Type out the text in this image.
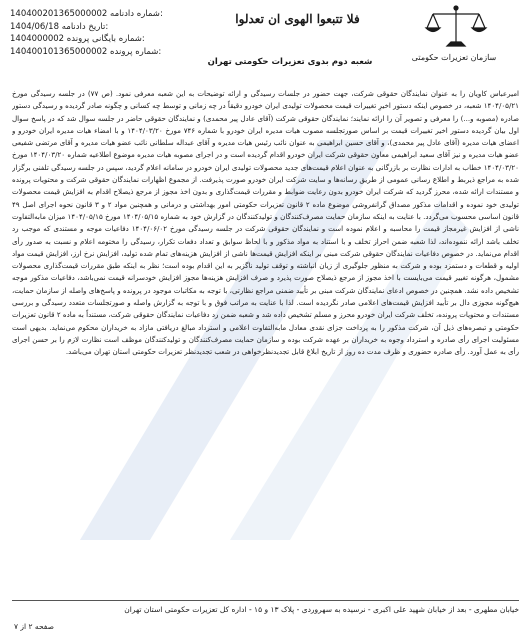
140400201365000002 شماره دادنامه:
1404/06/18 تاریخ دادنامه:
1404000002 شماره بایگانی پرونده:
140400101365000002 شماره پرونده:
فلا تتبعوا الهوی ان تعدلوا
شعبه دوم بدوی تعزیرات حکومتی تهران	سازمان تعزیرات حکومتی

امیرعباس کاویان را به عنوان نمایندگان حقوقی شرکت، جهت حضور در جلسات رسیدگی و ارائه توضیحات به این شعبه معرفی نمود. (ص ۷۷) در جلسه رسیدگی مورخ ۱۴۰۴/۰۵/۲۱ شعبه، در خصوص اینکه دستور اخیرِ تغییرات قیمت محصولات تولیدی ایران خودرو دقیقاً در چه زمانی و توسط چه کسانی و چگونه صادر گردیده و رسیدگی دستور صادره (مصوبه و...) را معرفی و تصویر آن را ارائه نمایند؛ نمایندگان حقوقی شرکت (آقای عادل پیر محمدی) و نمایندگان حقوقی حاضر در جلسه سوال شد که در پاسخ سوال اول بیان گردیده دستور اخیر تغییرات قیمت بر اساس صورتجلسه مصوب هیات مدیره ایران خودرو با شماره ۷۴۶ مورخ ۱۴۰۴/۰۳/۲۰ و با امضاء هیات مدیره ایران خودرو و اعضای هیات مدیره (آقای عادل پیر محمدی)، و آقای حسین ابراهیمی به عنوان نائب رئیس هیات مدیره و آقای عبداله سلطانی نائب عضو هیات مدیره و آقای مرتضی شفیعی عضو هیات مدیره و نیز آقای سعید ابراهیمی معاون حقوقی شرکت ایران خودرو اقدام گردیده است و در اجرای مصوبه هیات مدیره موضوع اطلاعیه شماره ۱۴۰۴/۰۳/۲۰ مورخ ۱۴۰۴/۰۳/۲۰ خطاب به ادارات نظارت بر بازرگانی به عنوان اعلام قیمت‌های جدید محصولات تولیدی ایران خودرو در سامانه اعلام گردید، سپس در جلسه رسیدگی تلفنی برگزار شده به مراجع ذیربط و اطلاع رسانی عمومی از طریق رسانه‌ها و سایت شرکت ایران خودرو صورت پذیرفت. از مجموع اظهارات نمایندگان حقوقی شرکت و محتویات پرونده و مستندات ارائه شده، محرز گردید که شرکت ایران خودرو بدون رعایت ضوابط و مقررات قیمت‌گذاری و بدون اخذ مجوز از مرجع ذیصلاح اقدام به افزایش قیمت محصولات تولیدی خود نموده و اقدامات مذکور مصداق گرانفروشی موضوع ماده ۲ قانون تعزیرات حکومتی امور بهداشتی و درمانی و همچنین مواد ۲ و ۳ قانون نحوه اجرای اصل ۴۹ قانون اساسی محسوب می‌گردد. با عنایت به اینکه سازمان حمایت مصرف‌کنندگان و تولیدکنندگان در گزارش خود به شماره ۱۴۰۴/۰۵/۱۵ مورخ ۱۴۰۴/۰۵/۱۵ میزان مابه‌التفاوت ناشی از افزایش غیرمجاز قیمت را محاسبه و اعلام نموده است و نمایندگان حقوقی شرکت در جلسه رسیدگی مورخ ۱۴۰۴/۰۶/۰۲ دفاعیات موجه و مستندی که موجب رد تخلف باشد ارائه ننموده‌اند، لذا شعبه ضمن احراز تخلف و با استناد به مواد مذکور و با لحاظ سوابق و تعداد دفعات تکرار، رسیدگی را مختومه اعلام و نسبت به صدور رأی اقدام می‌نماید. در خصوص دفاعیات نمایندگان حقوقی شرکت مبنی بر اینکه افزایش قیمت‌ها ناشی از افزایش هزینه‌های تمام شده تولید، افزایش نرخ ارز، افزایش قیمت مواد اولیه و قطعات و دستمزد بوده و شرکت به منظور جلوگیری از زیان انباشته و توقف تولید ناگزیر به این اقدام بوده است؛ نظر به اینکه طبق مقررات قیمت‌گذاری محصولات مشمول، هرگونه تغییر قیمت می‌بایست با اخذ مجوز از مرجع ذیصلاح صورت پذیرد و صرف افزایش هزینه‌ها مجوز افزایش خودسرانه قیمت نمی‌باشد، دفاعیات مذکور موجه تشخیص داده نشد. همچنین در خصوص ادعای نمایندگان شرکت مبنی بر تأیید ضمنی مراجع نظارتی، با توجه به مکاتبات موجود در پرونده و پاسخ‌های واصله از سازمان حمایت، هیچ‌گونه مجوزی دال بر تأیید افزایش قیمت‌های اعلامی صادر نگردیده است. لذا با عنایت به مراتب فوق و با توجه به گزارش واصله و صورتجلسات متعدد رسیدگی و بررسی مستندات و محتویات پرونده، تخلف شرکت ایران خودرو محرز و مسلم تشخیص داده شد و شعبه ضمن رد دفاعیات نمایندگان حقوقی شرکت، مستنداً به ماده ۲ قانون تعزیرات حکومتی و تبصره‌های ذیل آن، شرکت مذکور را به پرداخت جزای نقدی معادل مابه‌التفاوت اعلامی و استرداد مبالغ دریافتی مازاد به خریداران محکوم می‌نماید. بدیهی است مسئولیت اجرای رأی صادره و استرداد وجوه به خریداران بر عهده شرکت بوده و سازمان حمایت مصرف‌کنندگان و تولیدکنندگان موظف است نظارت لازم را بر حسن اجرای رأی به عمل آورد. رأی صادره حضوری و ظرف مدت ده روز از تاریخ ابلاغ قابل تجدیدنظرخواهی در شعب تجدیدنظر تعزیرات حکومتی استان تهران می‌باشد.

خیابان مطهری - بعد از خیابان شهید علی اکبری - نرسیده به سهروردی - پلاک ۱۳ و ۱۵ - اداره کل تعزیرات حکومتی استان تهران
صفحه ۲ از ۷
